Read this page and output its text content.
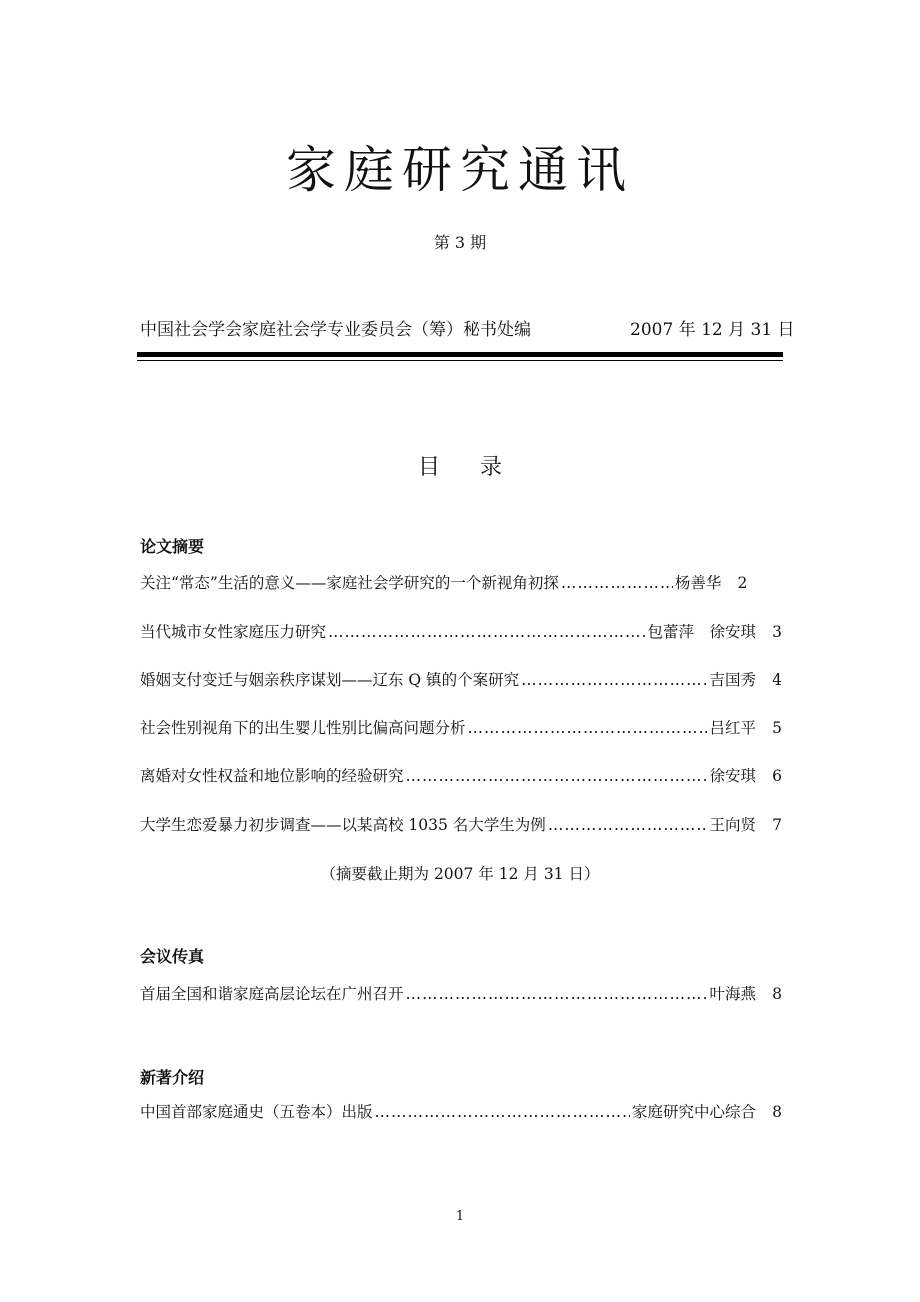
家庭研究通讯
第 3 期
中国社会学会家庭社会学专业委员会（筹）秘书处编	2007 年 12 月 31 日
目录
论文摘要
关注“常态”生活的意义——家庭社会学研究的一个新视角初探 ……………………………………………………………………………………………………………………………	杨善华	2
当代城市女性家庭压力研究 ……………………………………………………………………………………………………………………………	包蕾萍　徐安琪	3
婚姻支付变迁与姻亲秩序谋划——辽东 Q 镇的个案研究 ……………………………………………………………………………………………………………………………	吉国秀	4
社会性别视角下的出生婴儿性别比偏高问题分析 ……………………………………………………………………………………………………………………………	吕红平	5
离婚对女性权益和地位影响的经验研究 ……………………………………………………………………………………………………………………………	徐安琪	6
大学生恋爱暴力初步调查——以某高校 1035 名大学生为例 ……………………………………………………………………………………………………………………………	王向贤	7
（摘要截止期为 2007 年 12 月 31 日）
会议传真
首届全国和谐家庭高层论坛在广州召开 ……………………………………………………………………………………………………………………………	叶海燕	8
新著介绍
中国首部家庭通史（五卷本）出版 ……………………………………………………………………………………………………………………………	家庭研究中心综合	8
1
